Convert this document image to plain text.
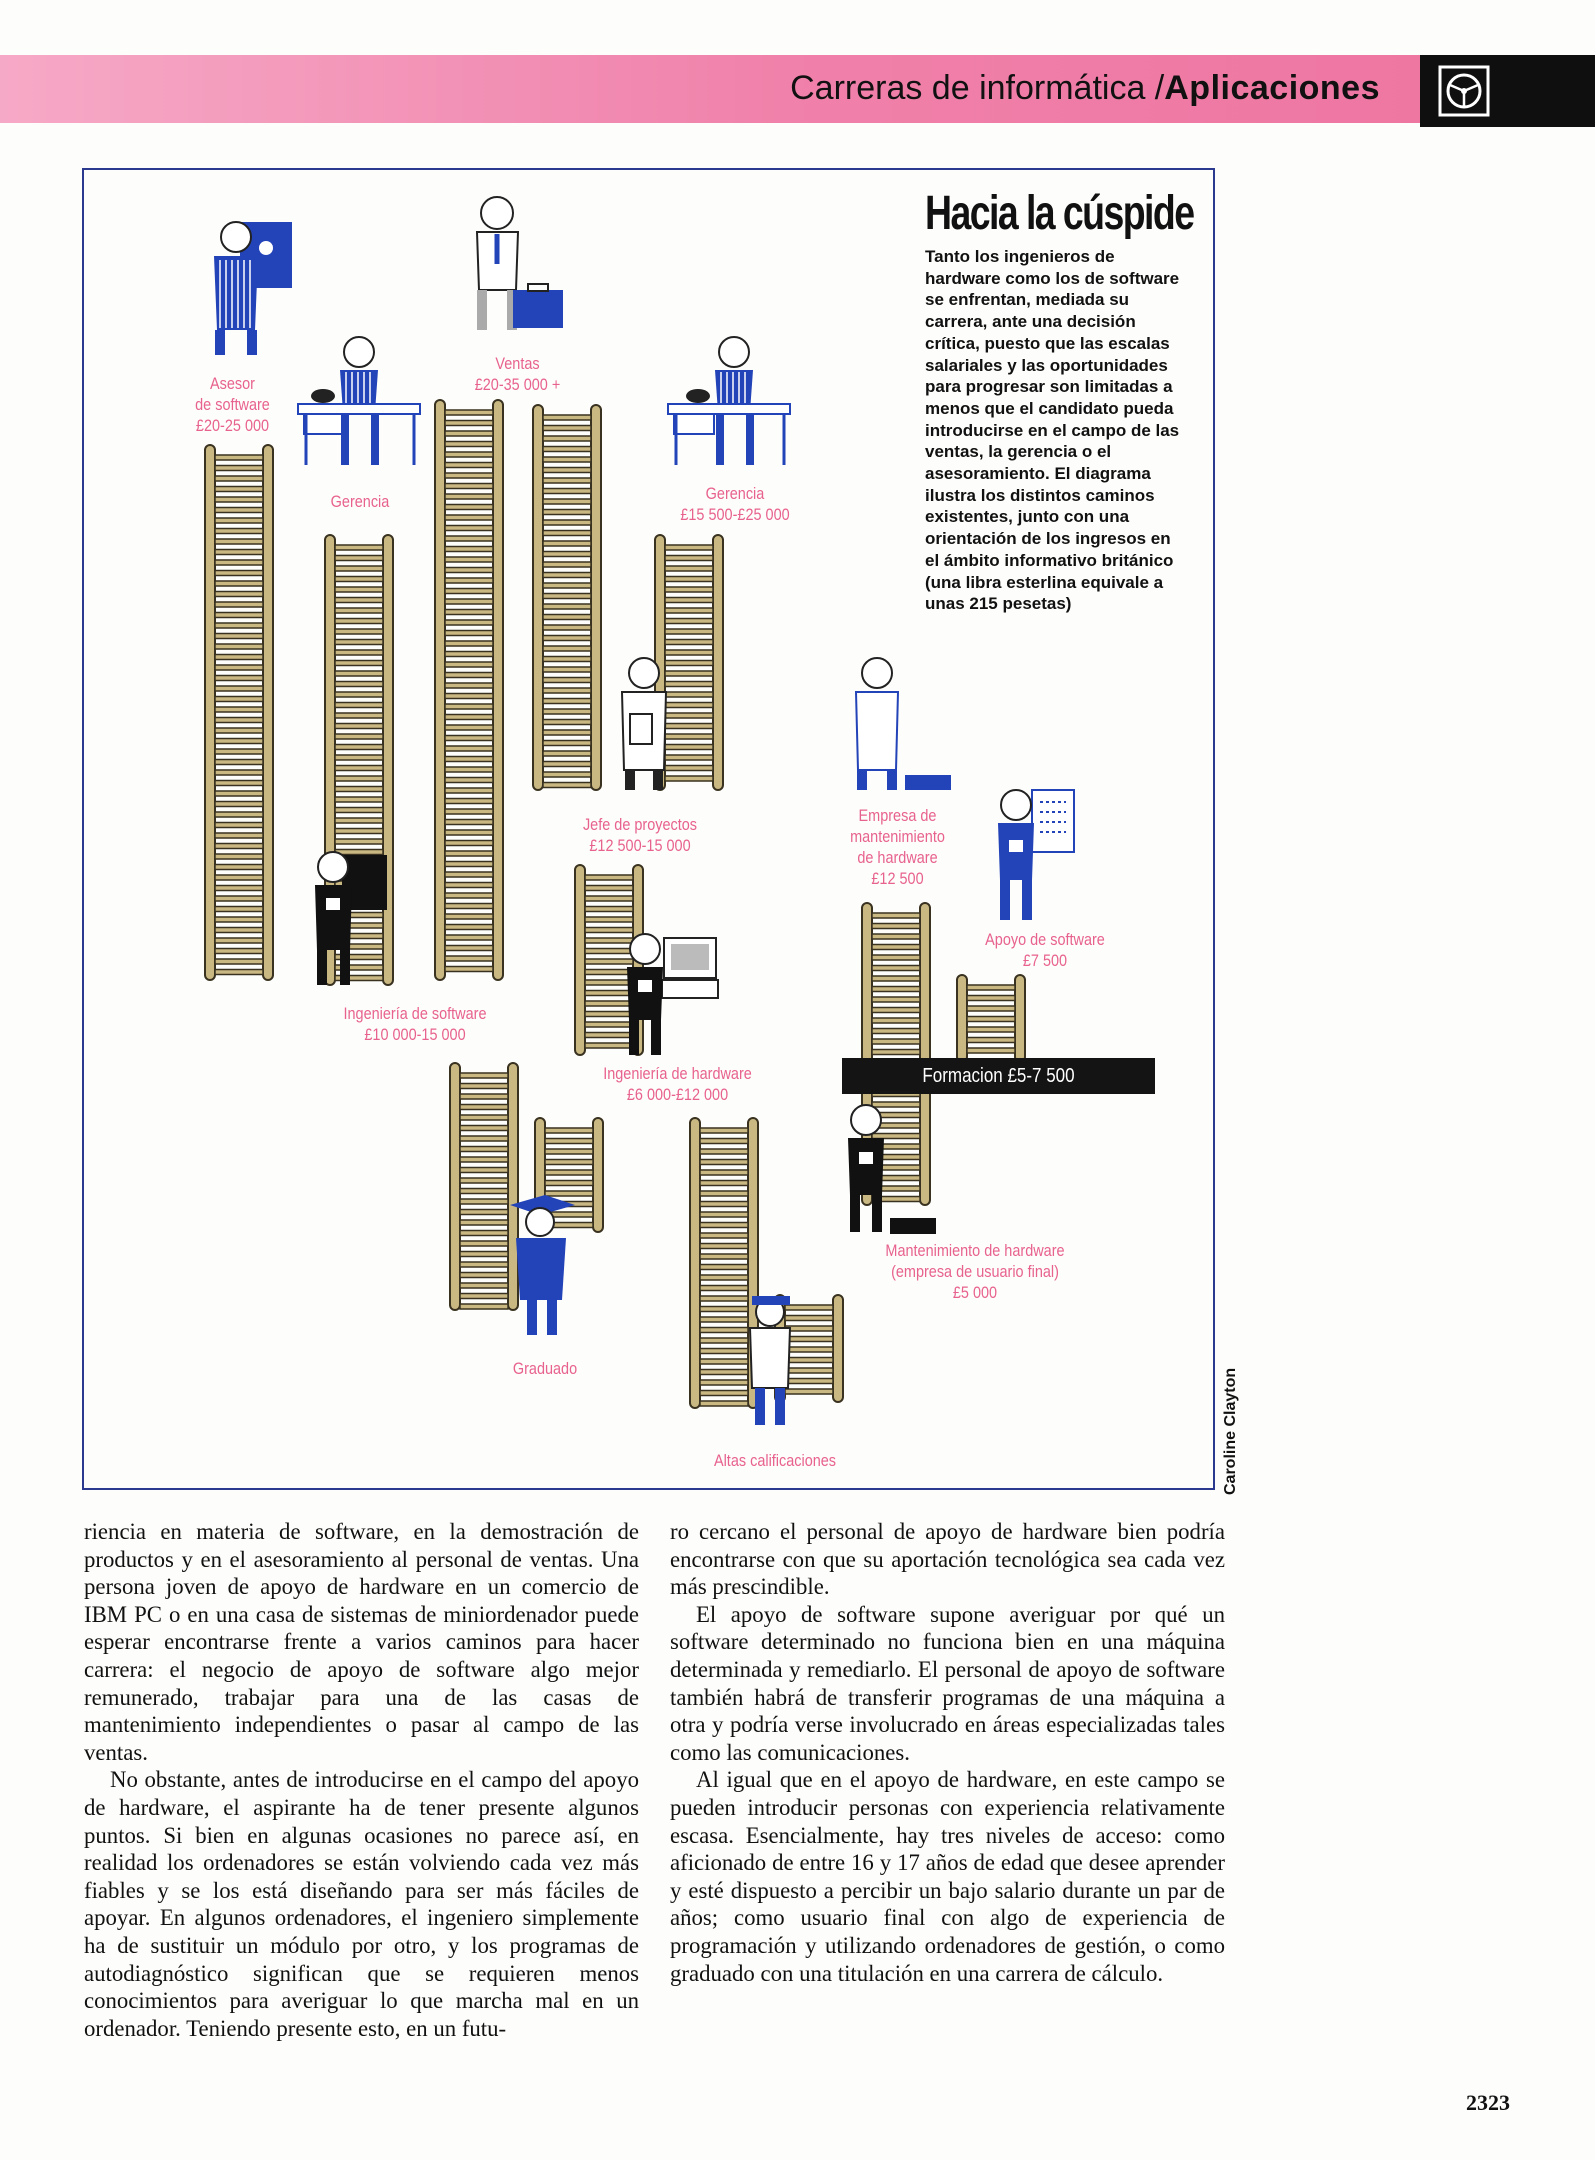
Carreras de informática /Aplicaciones
Caroline Clayton
Hacia la cúspide
Tanto los ingenieros de hardware como los de software se enfrentan, mediada su carrera, ante una decisión crítica, puesto que las escalas salariales y las oportunidades para progresar son limitadas a menos que el candidato pueda introducirse en el campo de las ventas, la gerencia o el asesoramiento. El diagrama ilustra los distintos caminos existentes, junto con una orientación de los ingresos en el ámbito informativo británico (una libra esterlina equivale a unas 215 pesetas)
Asesor
de software
£20-25 000
Ventas
£20-35 000 +
Gerencia	Gerencia
£15 500-£25 000
Jefe de proyectos
£12 500-15 000
Empresa de
mantenimiento
de hardware
£12 500
Apoyo de software
£7 500
Ingeniería de software
£10 000-15 000
Ingeniería de hardware
£6 000-£12 000
Formacion £5-7 500
Mantenimiento de hardware
(empresa de usuario final)
£5 000
Graduado
Altas calificaciones

riencia en materia de software, en la demostración de productos y en el asesoramiento al personal de ventas. Una persona joven de apoyo de hardware en un comercio de IBM PC o en una casa de sistemas de miniordenador puede esperar encontrarse frente a varios caminos para hacer carrera: el negocio de apoyo de software algo mejor remunerado, trabajar para una de las casas de mantenimiento independientes o pasar al campo de las ventas.

No obstante, antes de introducirse en el campo del apoyo de hardware, el aspirante ha de tener presente algunos puntos. Si bien en algunas ocasiones no parece así, en realidad los ordenadores se están volviendo cada vez más fiables y se los está diseñando para ser más fáciles de apoyar. En algunos ordenadores, el ingeniero simplemente ha de sustituir un módulo por otro, y los programas de autodiagnóstico significan que se requieren menos conocimientos para averiguar lo que marcha mal en un ordenador. Teniendo presente esto, en un futu-

ro cercano el personal de apoyo de hardware bien podría encontrarse con que su aportación tecnológica sea cada vez más prescindible.

El apoyo de software supone averiguar por qué un software determinado no funciona bien en una máquina determinada y remediarlo. El personal de apoyo de software también habrá de transferir programas de una máquina a otra y podría verse involucrado en áreas especializadas tales como las comunicaciones.

Al igual que en el apoyo de hardware, en este campo se pueden introducir personas con experiencia relativamente escasa. Esencialmente, hay tres niveles de acceso: como aficionado de entre 16 y 17 años de edad que desee aprender y esté dispuesto a percibir un bajo salario durante un par de años; como usuario final con algo de experiencia de programación y utilizando ordenadores de gestión, o como graduado con una titulación en una carrera de cálculo.

2323
